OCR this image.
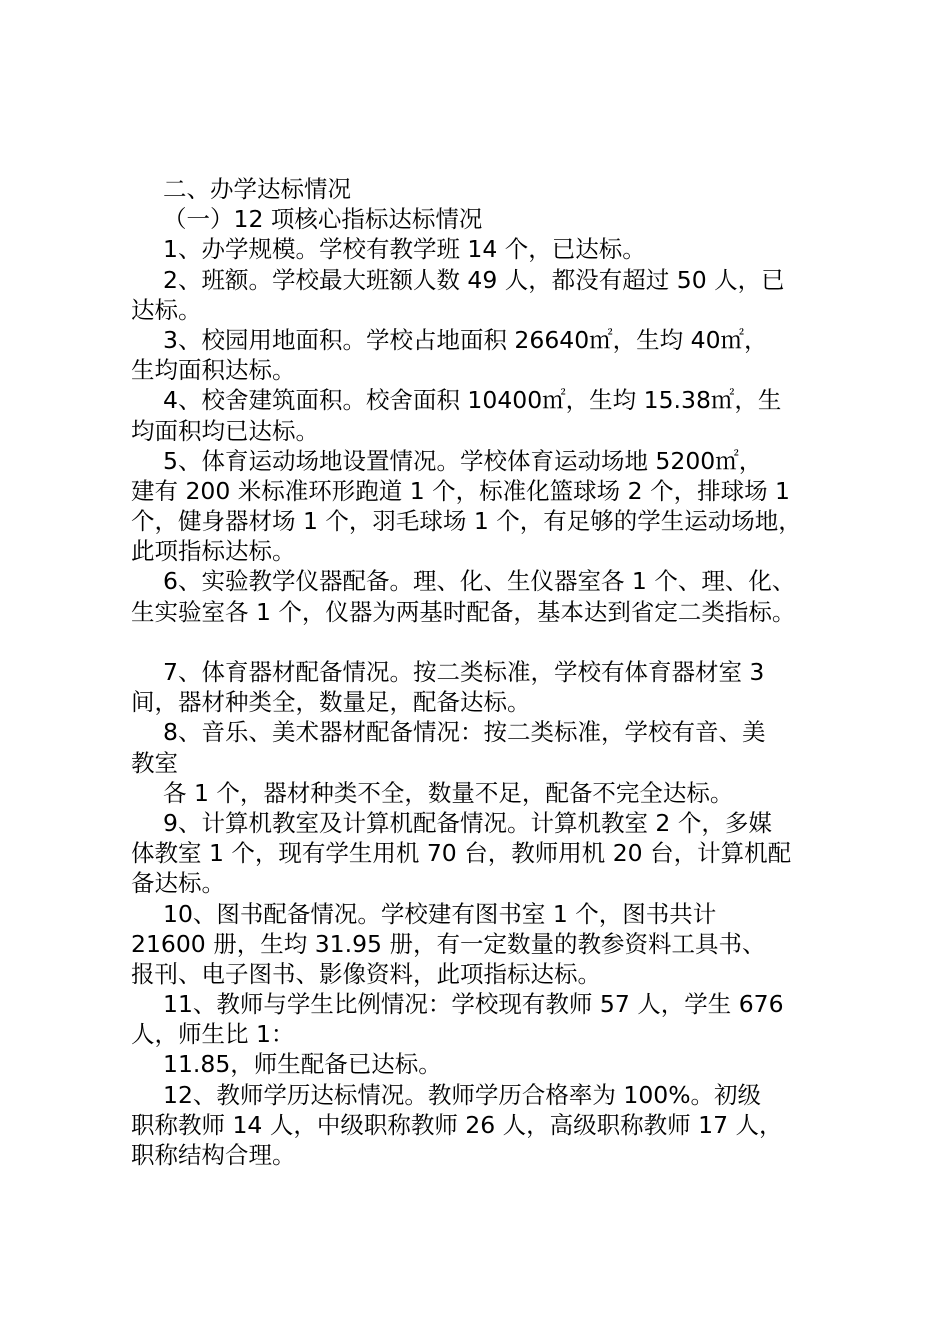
二、办学达标情况
（一）12 项核心指标达标情况
1、办学规模。学校有教学班 14 个，已达标。
2、班额。学校最大班额人数 49 人，都没有超过 50 人，已
达标。
3、校园用地面积。学校占地面积 26640㎡，生均 40㎡，
生均面积达标。
4、校舍建筑面积。校舍面积 10400㎡，生均 15.38㎡，生
均面积均已达标。
5、体育运动场地设置情况。学校体育运动场地 5200㎡，
建有 200 米标准环形跑道 1 个，标准化篮球场 2 个，排球场 1
个，健身器材场 1 个，羽毛球场 1 个，有足够的学生运动场地，
此项指标达标。
6、实验教学仪器配备。理、化、生仪器室各 1 个、理、化、
生实验室各 1 个，仪器为两基时配备，基本达到省定二类指标。
7、体育器材配备情况。按二类标准，学校有体育器材室 3
间，器材种类全，数量足，配备达标。
8、音乐、美术器材配备情况：按二类标准，学校有音、美
教室
各 1 个，器材种类不全，数量不足，配备不完全达标。
9、计算机教室及计算机配备情况。计算机教室 2 个，多媒
体教室 1 个，现有学生用机 70 台，教师用机 20 台，计算机配
备达标。
10、图书配备情况。学校建有图书室 1 个，图书共计
21600 册，生均 31.95 册，有一定数量的教参资料工具书、
报刊、电子图书、影像资料，此项指标达标。
11、教师与学生比例情况：学校现有教师 57 人，学生 676
人，师生比 1：
11.85，师生配备已达标。
12、教师学历达标情况。教师学历合格率为 100%。初级
职称教师 14 人，中级职称教师 26 人，高级职称教师 17 人，
职称结构合理。
